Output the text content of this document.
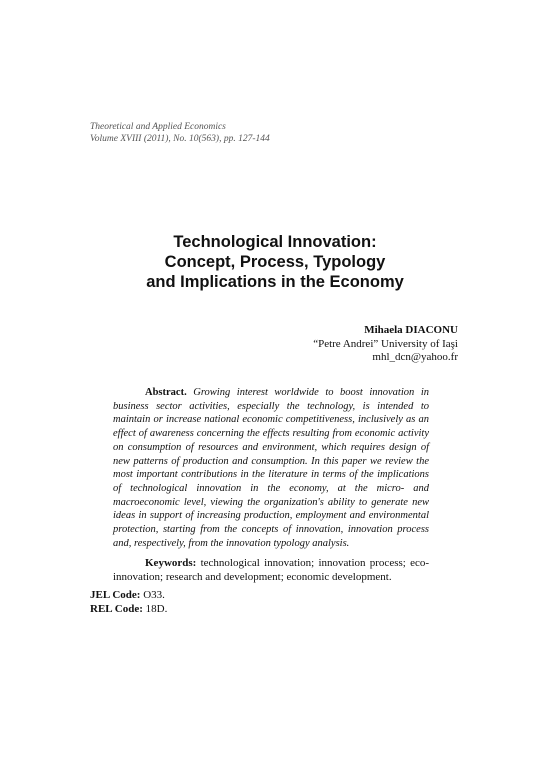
Theoretical and Applied Economics
Volume XVIII (2011), No. 10(563), pp. 127-144
Technological Innovation:
Concept, Process, Typology
and Implications in the Economy
Mihaela DIACONU
“Petre Andrei” University of Iaşi
mhl_dcn@yahoo.fr
Abstract. Growing interest worldwide to boost innovation in business sector activities, especially the technology, is intended to maintain or increase national economic competitiveness, inclusively as an effect of awareness concerning the effects resulting from economic activity on consumption of resources and environment, which requires design of new patterns of production and consumption. In this paper we review the most important contributions in the literature in terms of the implications of technological innovation in the economy, at the micro- and macroeconomic level, viewing the organization's ability to generate new ideas in support of increasing production, employment and environmental protection, starting from the concepts of innovation, innovation process and, respectively, from the innovation typology analysis.
Keywords: technological innovation; innovation process; eco-innovation; research and development; economic development.
JEL Code: O33.
REL Code: 18D.
